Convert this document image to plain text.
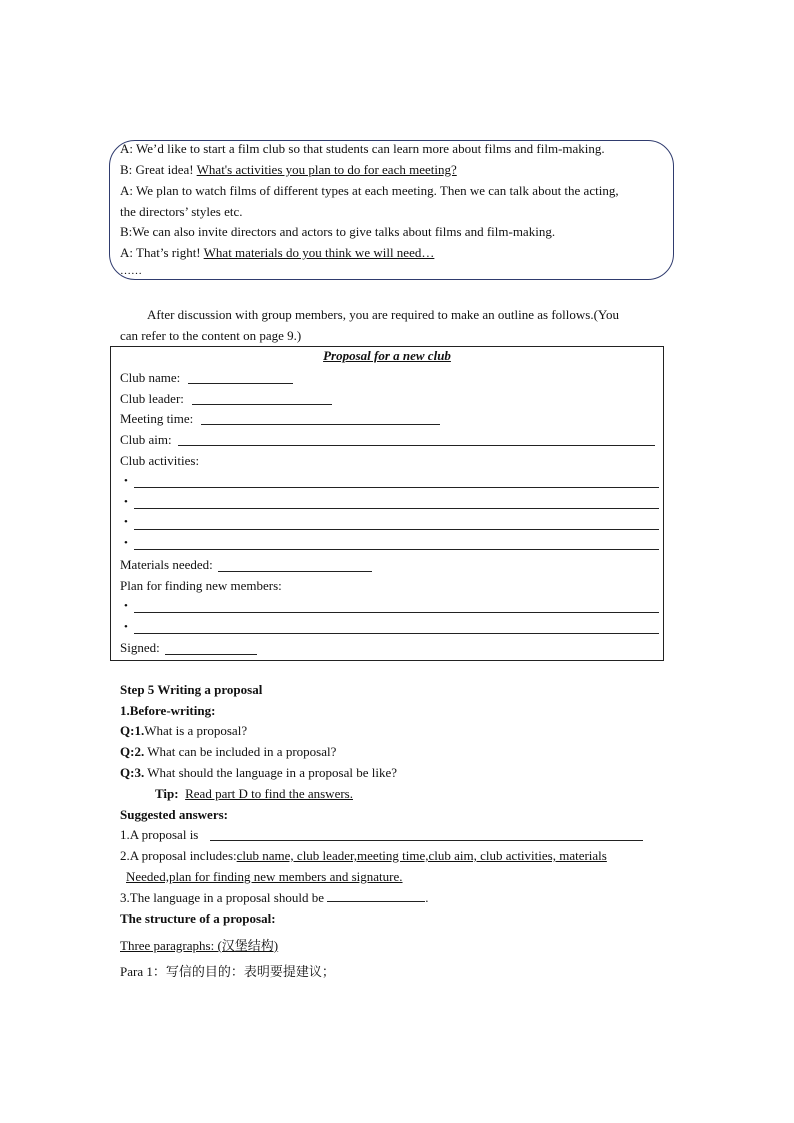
A: We’d like to start a film club so that students can learn more about films and film-making.
B: Great idea! What's activities you plan to do for each meeting?
A: We plan to watch films of different types at each meeting. Then we can talk about the acting,
the directors’ styles etc.
B:We can also invite directors and actors to give talks about films and film-making.
A: That’s right! What materials do you think we will need…
……
After discussion with group members, you are required to make an outline as follows.(You
can refer to the content on page 9.)
Proposal for a new club
Club name:
Club leader:
Meeting time:
Club aim:
Club activities:
•
•
•
•
Materials needed:
Plan for finding new members:
•
•
Signed:
Step 5 Writing a proposal
1.Before-writing:
Q:1.What is a proposal?
Q:2. What can be included in a proposal?
Q:3. What should the language in a proposal be like?
Tip: Read part D to find the answers.
Suggested answers:
1.A proposal is
2.A proposal includes:club name, club leader,meeting time,club aim, club activities, materials
Needed,plan for finding new members and signature.
3.The language in a proposal should be	.
The structure of a proposal:
Three paragraphs: (汉堡结构)
Para 1：写信的目的：表明要提建议；
